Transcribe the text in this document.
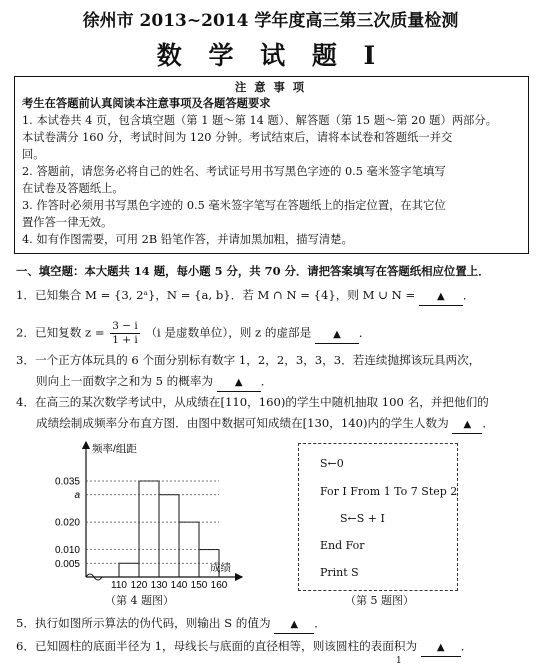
徐州市 2013~2014 学年度高三第三次质量检测
数 学 试 题 Ⅰ
注 意 事 项
考生在答题前认真阅读本注意事项及各题答题要求
1. 本试卷共 4 页，包含填空题（第 1 题～第 14 题）、解答题（第 15 题～第 20 题）两部分。
本试卷满分 160 分，考试时间为 120 分钟。考试结束后，请将本试卷和答题纸一并交
回。
2. 答题前，请您务必将自己的姓名、考试证号用书写黑色字迹的 0.5 毫米签字笔填写
在试卷及答题纸上。
3. 作答时必须用书写黑色字迹的 0.5 毫米签字笔写在答题纸上的指定位置，在其它位
置作答一律无效。
4. 如有作图需要，可用 2B 铅笔作答，并请加黑加粗，描写清楚。
一、填空题：本大题共 14 题，每小题 5 分，共 70 分．请把答案填写在答题纸相应位置上．
1．已知集合 M = {3, 2ᵃ}，N = {a, b}．若 M ∩ N = {4}，则 M ∪ N = ▲ ．
2．已知复数 $z = \frac{3 - i}{1 + i} (i$ 是虚数单位），则 z 的虚部是 ▲ ．
3．一个正方体玩具的 6 个面分别标有数字 1，2，2，3，3，3．若连续抛掷该玩具两次，
则向上一面数字之和为 5 的概率为 ▲ ．
4．在高三的某次数学考试中，从成绩在[110，160)的学生中随机抽取 100 名，并把他们的
成绩绘制成频率分布直方图．由图中数据可知成绩在[130，140)内的学生人数为 ▲ ．
频率/组距
成绩
0.035
a
0.020
0.010
0.005
110 120 130 140 150 160
（第 4 题图）
S←0
For I From 1 To 7 Step 2
S←S + I
End For
Print S
（第 5 题图）
5．执行如图所示算法的伪代码，则输出 S 的值为 ▲ ．
6．已知圆柱的底面半径为 1，母线长与底面的直径相等，则该圆柱的表面积为 ▲ ．
1
